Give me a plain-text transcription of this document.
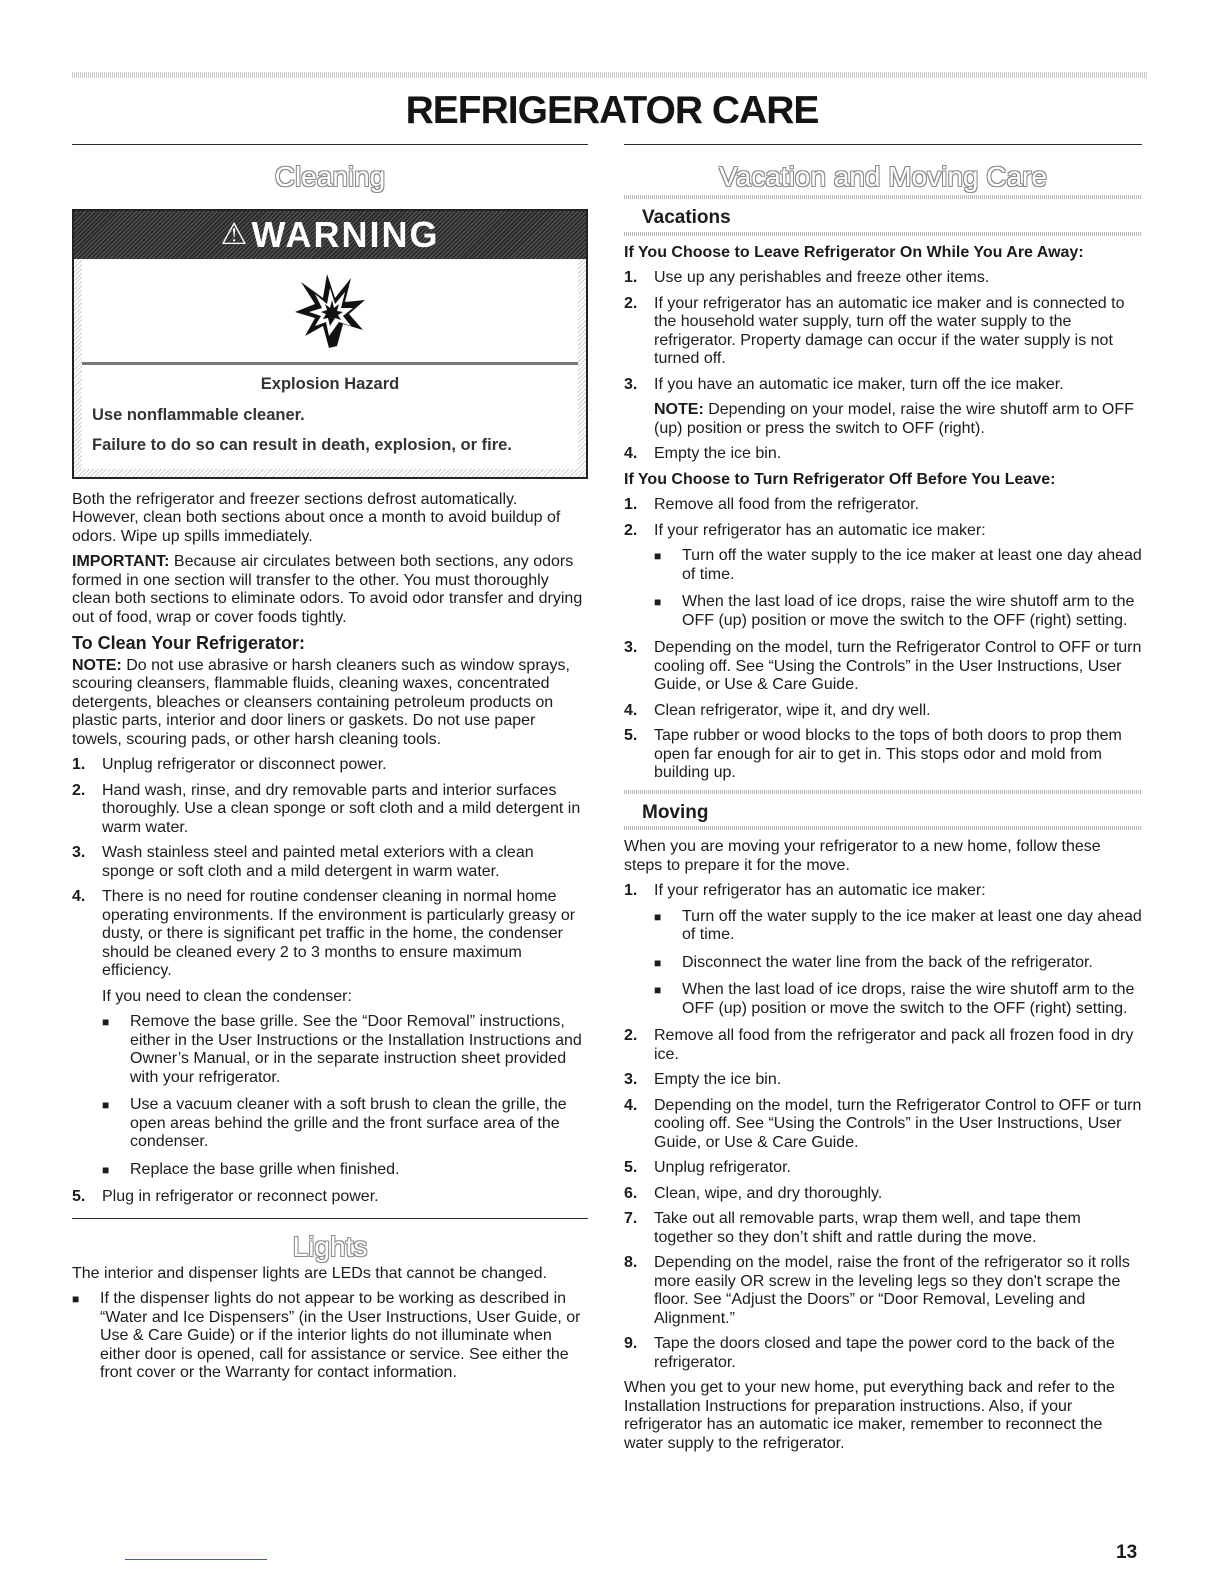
REFRIGERATOR CARE
Cleaning
⚠ WARNING
Explosion Hazard
Use nonflammable cleaner.
Failure to do so can result in death, explosion, or fire.

Both the refrigerator and freezer sections defrost automatically. However, clean both sections about once a month to avoid buildup of odors. Wipe up spills immediately.

IMPORTANT: Because air circulates between both sections, any odors formed in one section will transfer to the other. You must thoroughly clean both sections to eliminate odors. To avoid odor transfer and drying out of food, wrap or cover foods tightly.

To Clean Your Refrigerator:

NOTE: Do not use abrasive or harsh cleaners such as window sprays, scouring cleansers, flammable fluids, cleaning waxes, concentrated detergents, bleaches or cleansers containing petroleum products on plastic parts, interior and door liners or gaskets. Do not use paper towels, scouring pads, or other harsh cleaning tools.

1.	Unplug refrigerator or disconnect power.
2.	Hand wash, rinse, and dry removable parts and interior surfaces thoroughly. Use a clean sponge or soft cloth and a mild detergent in warm water.
3.	Wash stainless steel and painted metal exteriors with a clean sponge or soft cloth and a mild detergent in warm water.
4.	There is no need for routine condenser cleaning in normal home operating environments. If the environment is particularly greasy or dusty, or there is significant pet traffic in the home, the condenser should be cleaned every 2 to 3 months to ensure maximum efficiency.

If you need to clean the condenser:

■	Remove the base grille. See the “Door Removal” instructions, either in the User Instructions or the Installation Instructions and Owner’s Manual, or in the separate instruction sheet provided with your refrigerator.
■	Use a vacuum cleaner with a soft brush to clean the grille, the open areas behind the grille and the front surface area of the condenser.
■	Replace the base grille when finished.
5.	Plug in refrigerator or reconnect power.
Lights

The interior and dispenser lights are LEDs that cannot be changed.

■	If the dispenser lights do not appear to be working as described in “Water and Ice Dispensers” (in the User Instructions, User Guide, or Use & Care Guide) or if the interior lights do not illuminate when either door is opened, call for assistance or service. See either the front cover or the Warranty for contact information.
Vacation and Moving Care
Vacations
If You Choose to Leave Refrigerator On While You Are Away:
1.	Use up any perishables and freeze other items.
2.	If your refrigerator has an automatic ice maker and is connected to the household water supply, turn off the water supply to the refrigerator. Property damage can occur if the water supply is not turned off.
3.	If you have an automatic ice maker, turn off the ice maker.

NOTE: Depending on your model, raise the wire shutoff arm to OFF (up) position or press the switch to OFF (right).

4.	Empty the ice bin.
If You Choose to Turn Refrigerator Off Before You Leave:
1.	Remove all food from the refrigerator.
2.	If your refrigerator has an automatic ice maker:
■	Turn off the water supply to the ice maker at least one day ahead of time.
■	When the last load of ice drops, raise the wire shutoff arm to the OFF (up) position or move the switch to the OFF (right) setting.
3.	Depending on the model, turn the Refrigerator Control to OFF or turn cooling off. See “Using the Controls” in the User Instructions, User Guide, or Use & Care Guide.
4.	Clean refrigerator, wipe it, and dry well.
5.	Tape rubber or wood blocks to the tops of both doors to prop them open far enough for air to get in. This stops odor and mold from building up.
Moving

When you are moving your refrigerator to a new home, follow these steps to prepare it for the move.

1.	If your refrigerator has an automatic ice maker:
■	Turn off the water supply to the ice maker at least one day ahead of time.
■	Disconnect the water line from the back of the refrigerator.
■	When the last load of ice drops, raise the wire shutoff arm to the OFF (up) position or move the switch to the OFF (right) setting.
2.	Remove all food from the refrigerator and pack all frozen food in dry ice.
3.	Empty the ice bin.
4.	Depending on the model, turn the Refrigerator Control to OFF or turn cooling off. See “Using the Controls” in the User Instructions, User Guide, or Use & Care Guide.
5.	Unplug refrigerator.
6.	Clean, wipe, and dry thoroughly.
7.	Take out all removable parts, wrap them well, and tape them together so they don’t shift and rattle during the move.
8.	Depending on the model, raise the front of the refrigerator so it rolls more easily OR screw in the leveling legs so they don't scrape the floor. See “Adjust the Doors” or “Door Removal, Leveling and Alignment.”
9.	Tape the doors closed and tape the power cord to the back of the refrigerator.

When you get to your new home, put everything back and refer to the Installation Instructions for preparation instructions. Also, if your refrigerator has an automatic ice maker, remember to reconnect the water supply to the refrigerator.

13
